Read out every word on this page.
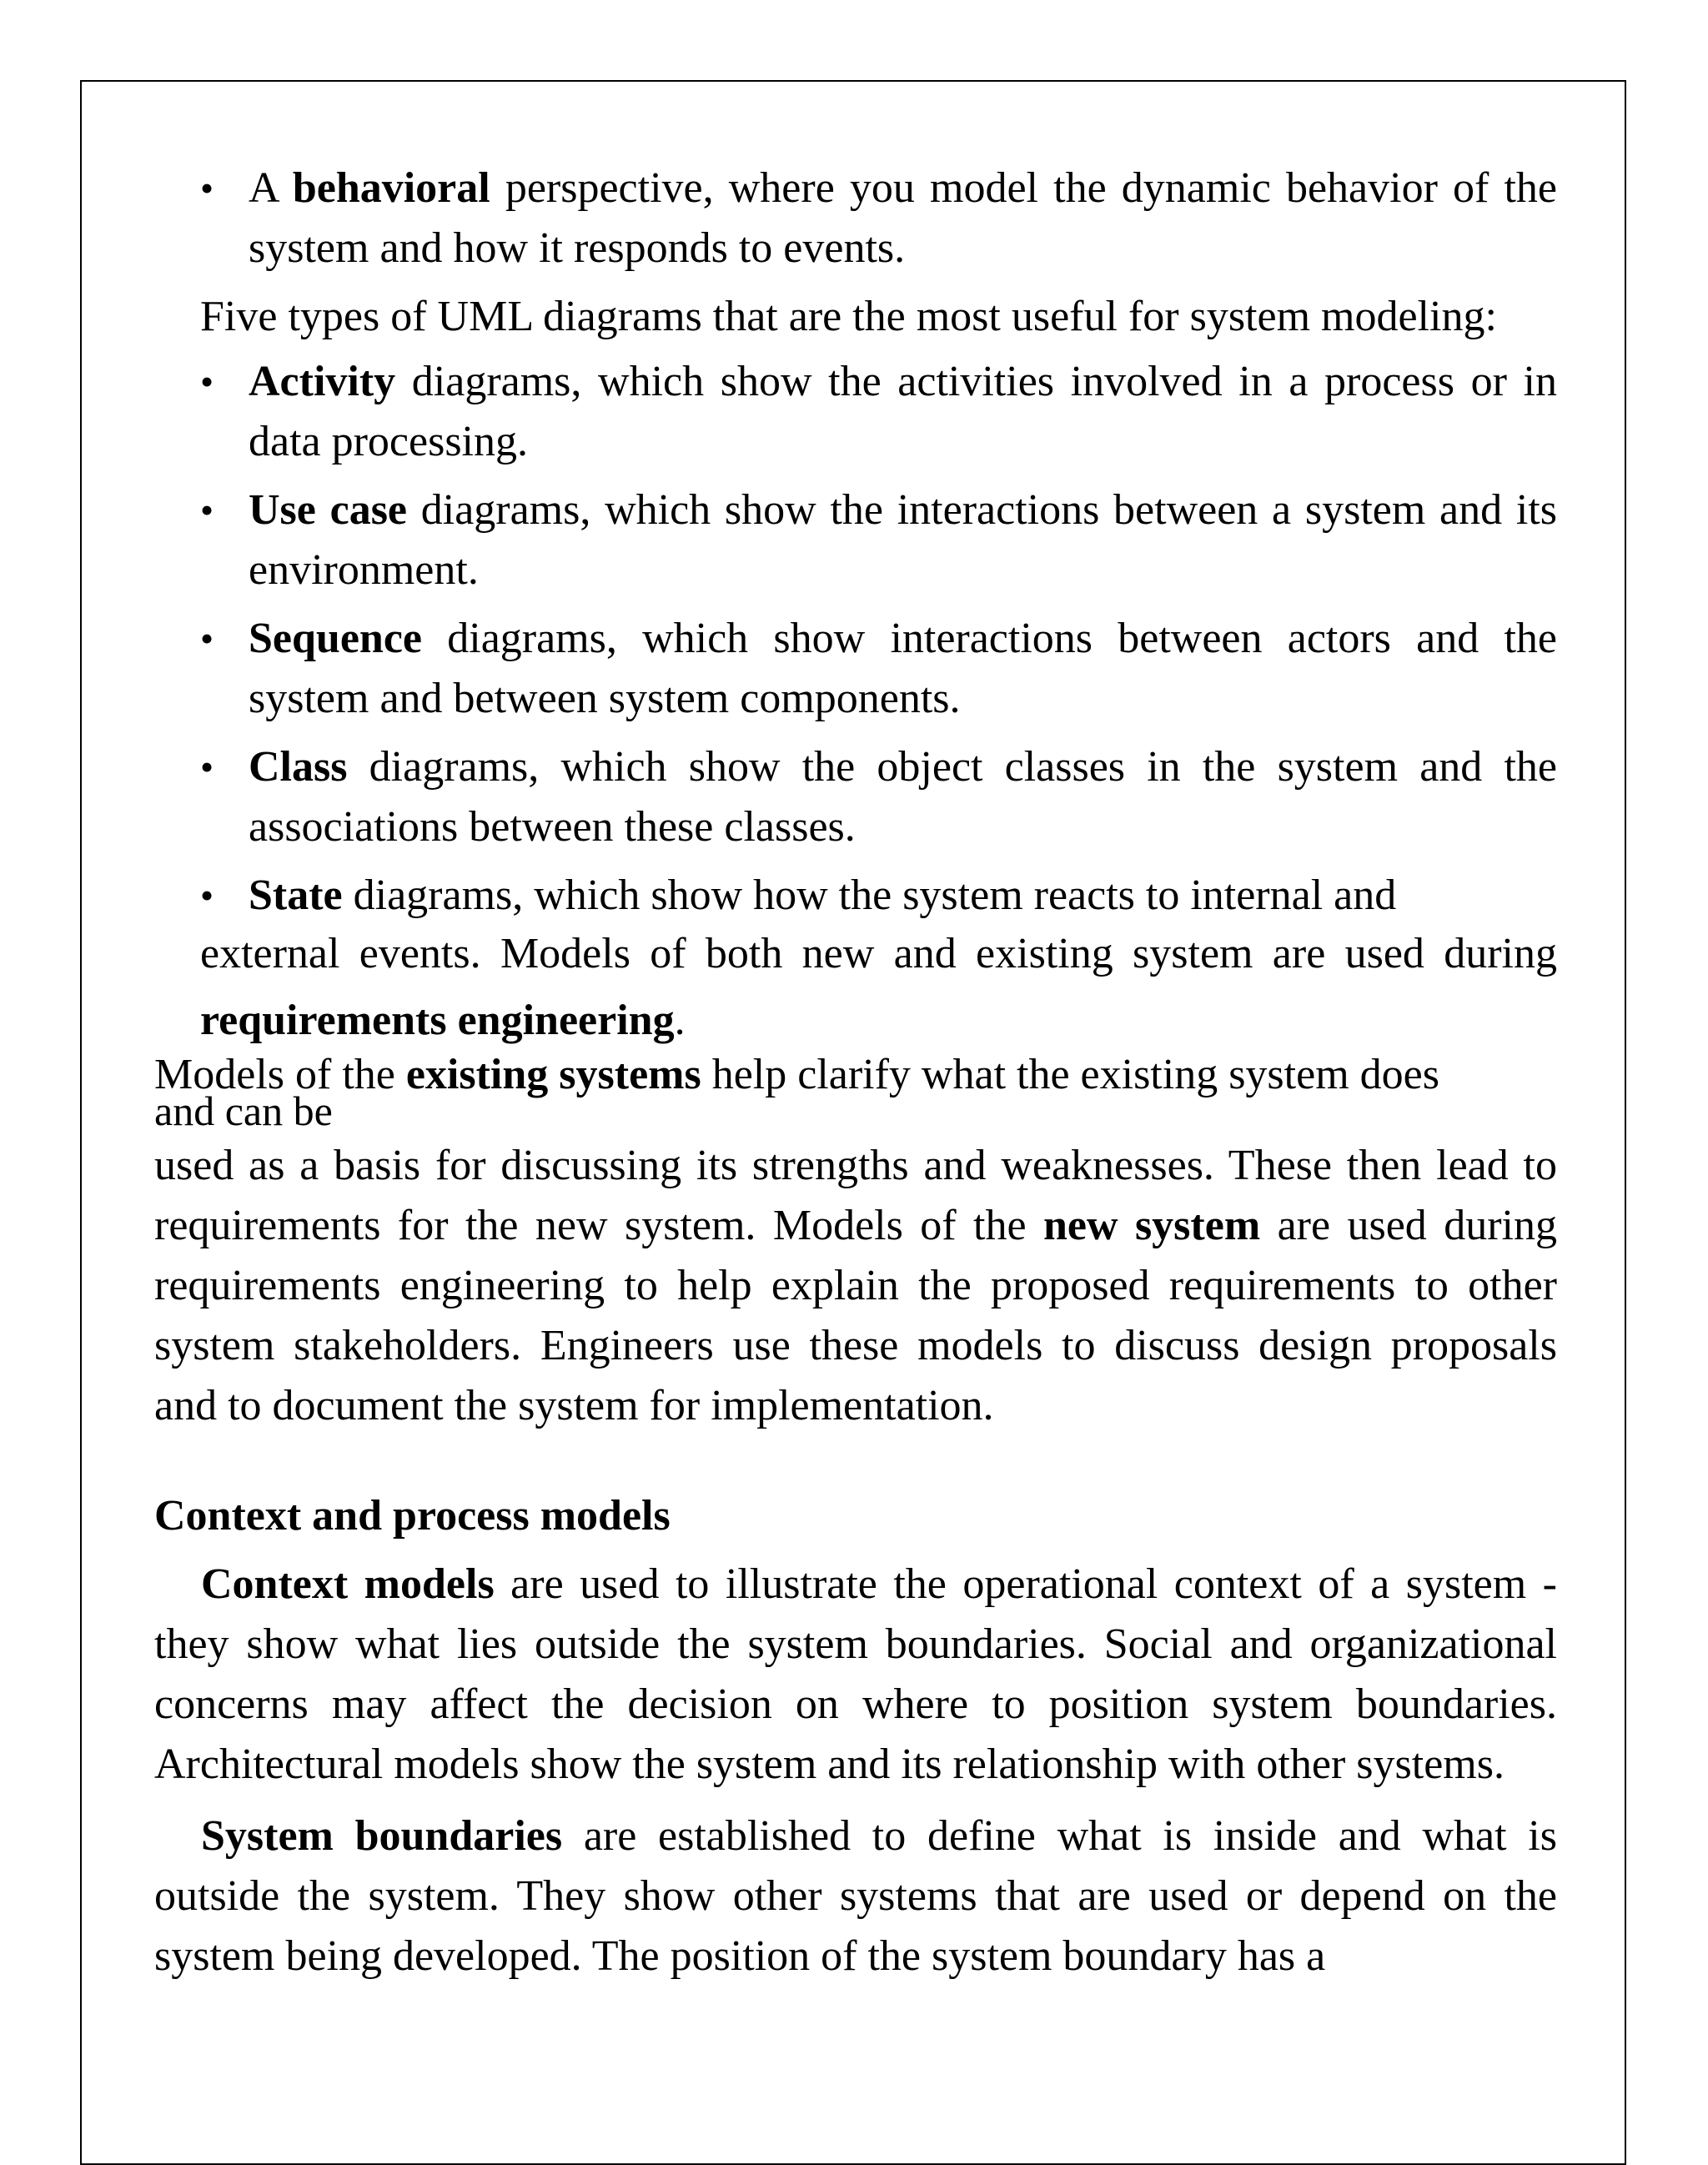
• A behavioral perspective, where you model the dynamic behavior of the system and how it responds to events.

Five types of UML diagrams that are the most useful for system modeling:

• Activity diagrams, which show the activities involved in a process or in data processing.
• Use case diagrams, which show the interactions between a system and its environment.
• Sequence diagrams, which show interactions between actors and the system and between system components.
• Class diagrams, which show the object classes in the system and the associations between these classes.
• State diagrams, which show how the system reacts to internal and
external events. Models of both new and existing system are used during requirements engineering.
Models of the existing systems help clarify what the existing system does
and can be

used as a basis for discussing its strengths and weaknesses. These then lead to requirements for the new system. Models of the new system are used during requirements engineering to help explain the proposed requirements to other system stakeholders. Engineers use these models to discuss design proposals and to document the system for implementation.

Context and process models

Context models are used to illustrate the operational context of a system - they show what lies outside the system boundaries. Social and organizational concerns may affect the decision on where to position system boundaries. Architectural models show the system and its relationship with other systems.

System boundaries are established to define what is inside and what is outside the system. They show other systems that are used or depend on the system being developed. The position of the system boundary has a
